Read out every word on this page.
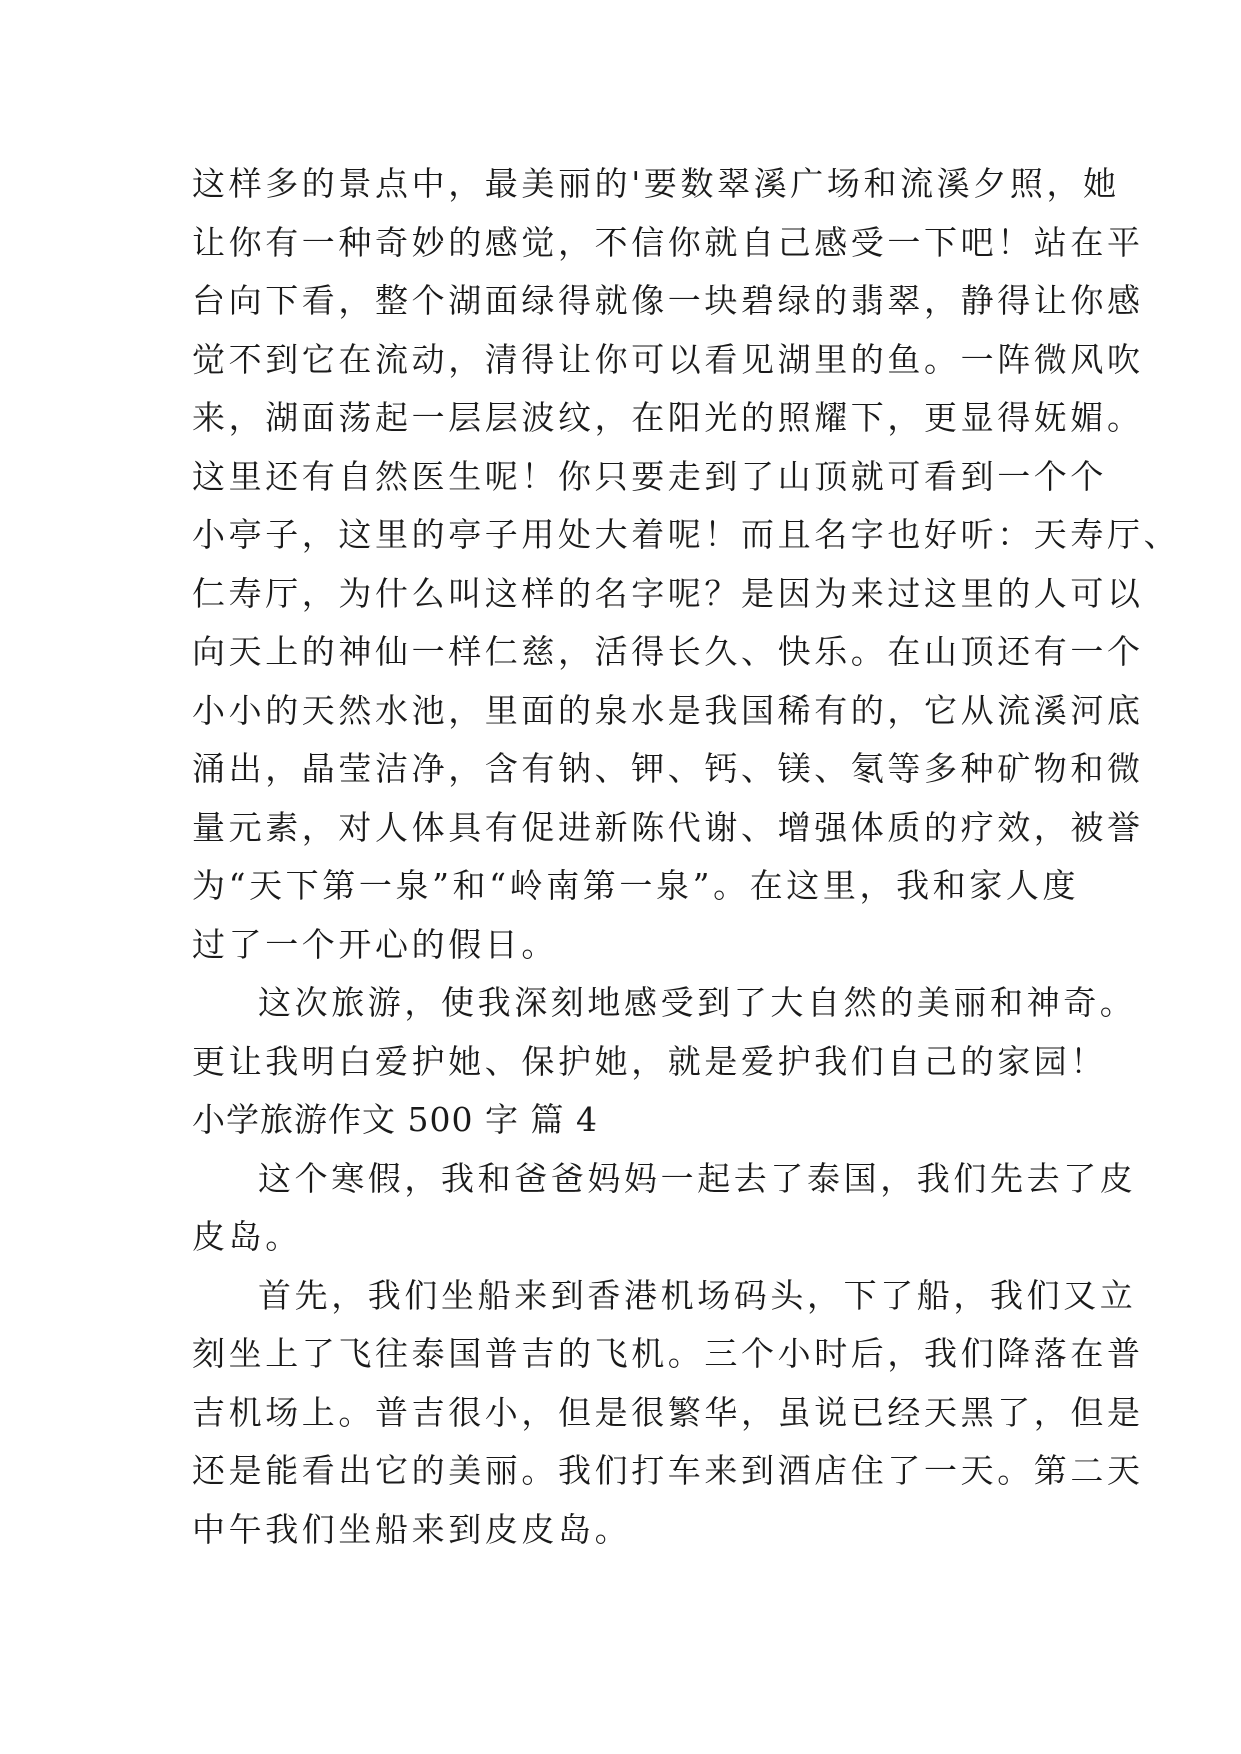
这样多的景点中，最美丽的'要数翠溪广场和流溪夕照，她
让你有一种奇妙的感觉，不信你就自己感受一下吧！站在平
台向下看，整个湖面绿得就像一块碧绿的翡翠，静得让你感
觉不到它在流动，清得让你可以看见湖里的鱼。一阵微风吹
来，湖面荡起一层层波纹，在阳光的照耀下，更显得妩媚。
这里还有自然医生呢！你只要走到了山顶就可看到一个个
小亭子，这里的亭子用处大着呢！而且名字也好听：天寿厅、
仁寿厅，为什么叫这样的名字呢？是因为来过这里的人可以
向天上的神仙一样仁慈，活得长久、快乐。在山顶还有一个
小小的天然水池，里面的泉水是我国稀有的，它从流溪河底
涌出，晶莹洁净，含有钠、钾、钙、镁、氡等多种矿物和微
量元素，对人体具有促进新陈代谢、增强体质的疗效，被誉
为“天下第一泉”和“岭南第一泉”。在这里，我和家人度
过了一个开心的假日。
这次旅游，使我深刻地感受到了大自然的美丽和神奇。
更让我明白爱护她、保护她，就是爱护我们自己的家园！
小学旅游作文 500 字 篇 4
这个寒假，我和爸爸妈妈一起去了泰国，我们先去了皮
皮岛。
首先，我们坐船来到香港机场码头，下了船，我们又立
刻坐上了飞往泰国普吉的飞机。三个小时后，我们降落在普
吉机场上。普吉很小，但是很繁华，虽说已经天黑了，但是
还是能看出它的美丽。我们打车来到酒店住了一天。第二天
中午我们坐船来到皮皮岛。
